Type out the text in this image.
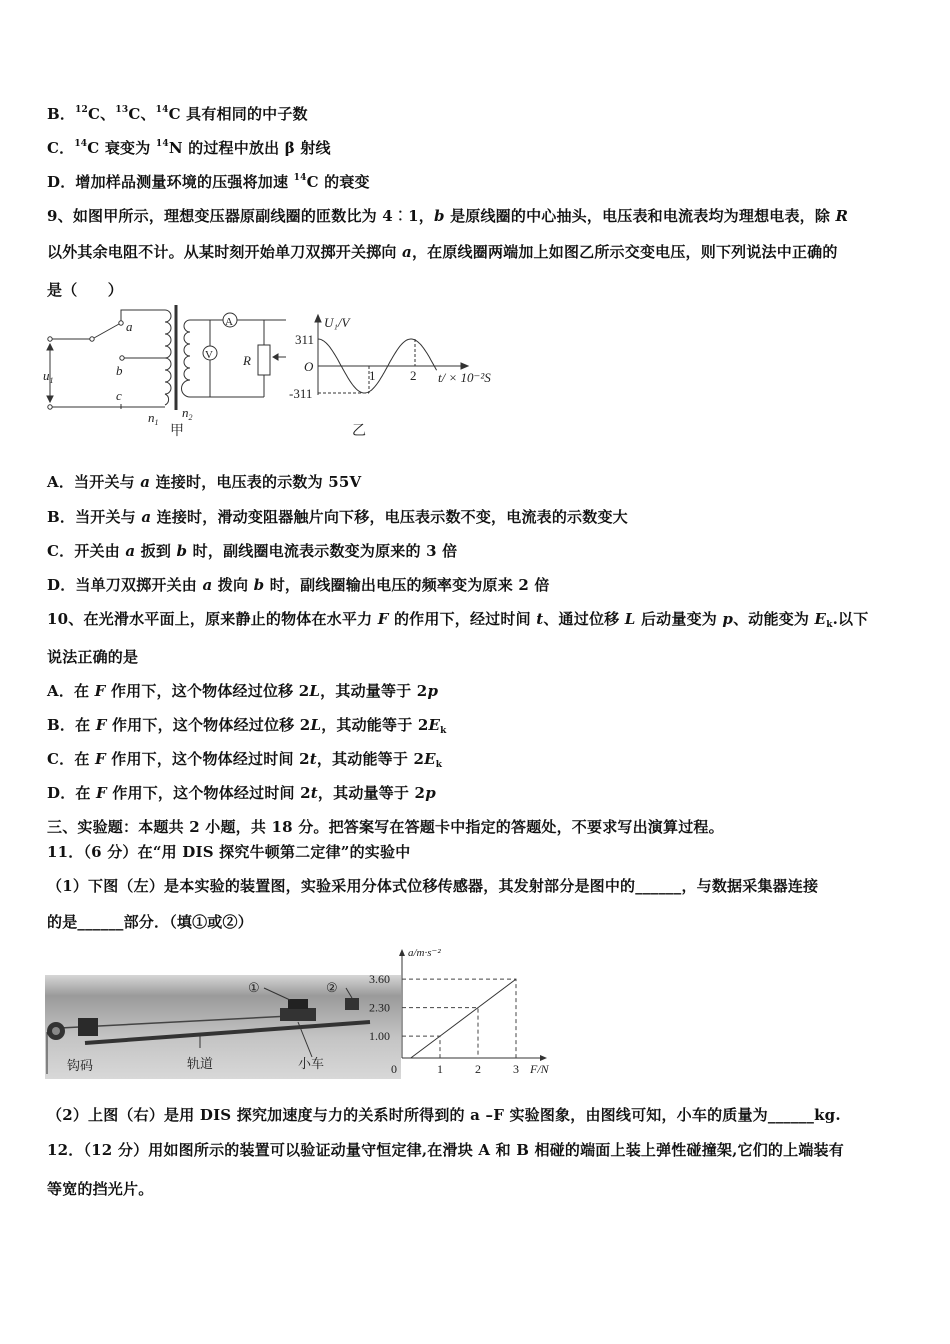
B．$^{12}$C、$^{13}$C、$^{14}$C 具有相同的中子数
C．$^{14}$C 衰变为 $^{14}$N 的过程中放出 β 射线
D．增加样品测量环境的压强将加速 $^{14}$C 的衰变
9、如图甲所示，理想变压器原副线圈的匝数比为 4︰1，b 是原线圈的中心抽头，电压表和电流表均为理想电表，除 R
以外其余电阻不计。从某时刻开始单刀双掷开关掷向 a，在原线圈两端加上如图乙所示交变电压，则下列说法中正确的
是（　　）
A．当开关与 a 连接时，电压表的示数为 55V
B．当开关与 a 连接时，滑动变阻器触片向下移，电压表示数不变，电流表的示数变大
C．开关由 a 扳到 b 时，副线圈电流表示数变为原来的 3 倍
D．当单刀双掷开关由 a 拨向 b 时，副线圈输出电压的频率变为原来 2 倍
10、在光滑水平面上，原来静止的物体在水平力 F 的作用下，经过时间 t、通过位移 L 后动量变为 p、动能变为 $E_k$.以下
说法正确的是
A．在 F 作用下，这个物体经过位移 2L，其动量等于 2p
B．在 F 作用下，这个物体经过位移 2L，其动能等于 $2E_k$
C．在 F 作用下，这个物体经过时间 2t，其动能等于 $2E_k$
D．在 F 作用下，这个物体经过时间 2t，其动量等于 2p
三、实验题：本题共 2 小题，共 18 分。把答案写在答题卡中指定的答题处，不要求写出演算过程。
11．（6 分）在“用 DIS 探究牛顿第二定律”的实验中
（1）下图（左）是本实验的装置图，实验采用分体式位移传感器，其发射部分是图中的______，与数据采集器连接
的是______部分．（填①或②）
（2）上图（右）是用 DIS 探究加速度与力的关系时所得到的 a –F 实验图象，由图线可知，小车的质量为______kg.
12．（12 分）用如图所示的装置可以验证动量守恒定律,在滑块 A 和 B 相碰的端面上装上弹性碰撞架,它们的上端装有
等宽的挡光片。
a
b
c
$u_1$
$n_1$
$n_2$
A
V R
甲	乙
U₁/V
t/ × 10⁻²S
O
311
-311
1	2
①	②
钩码	轨道	小车	1	2	3
1.00
2.30
3.60
0	F/N
a/m·s⁻²
